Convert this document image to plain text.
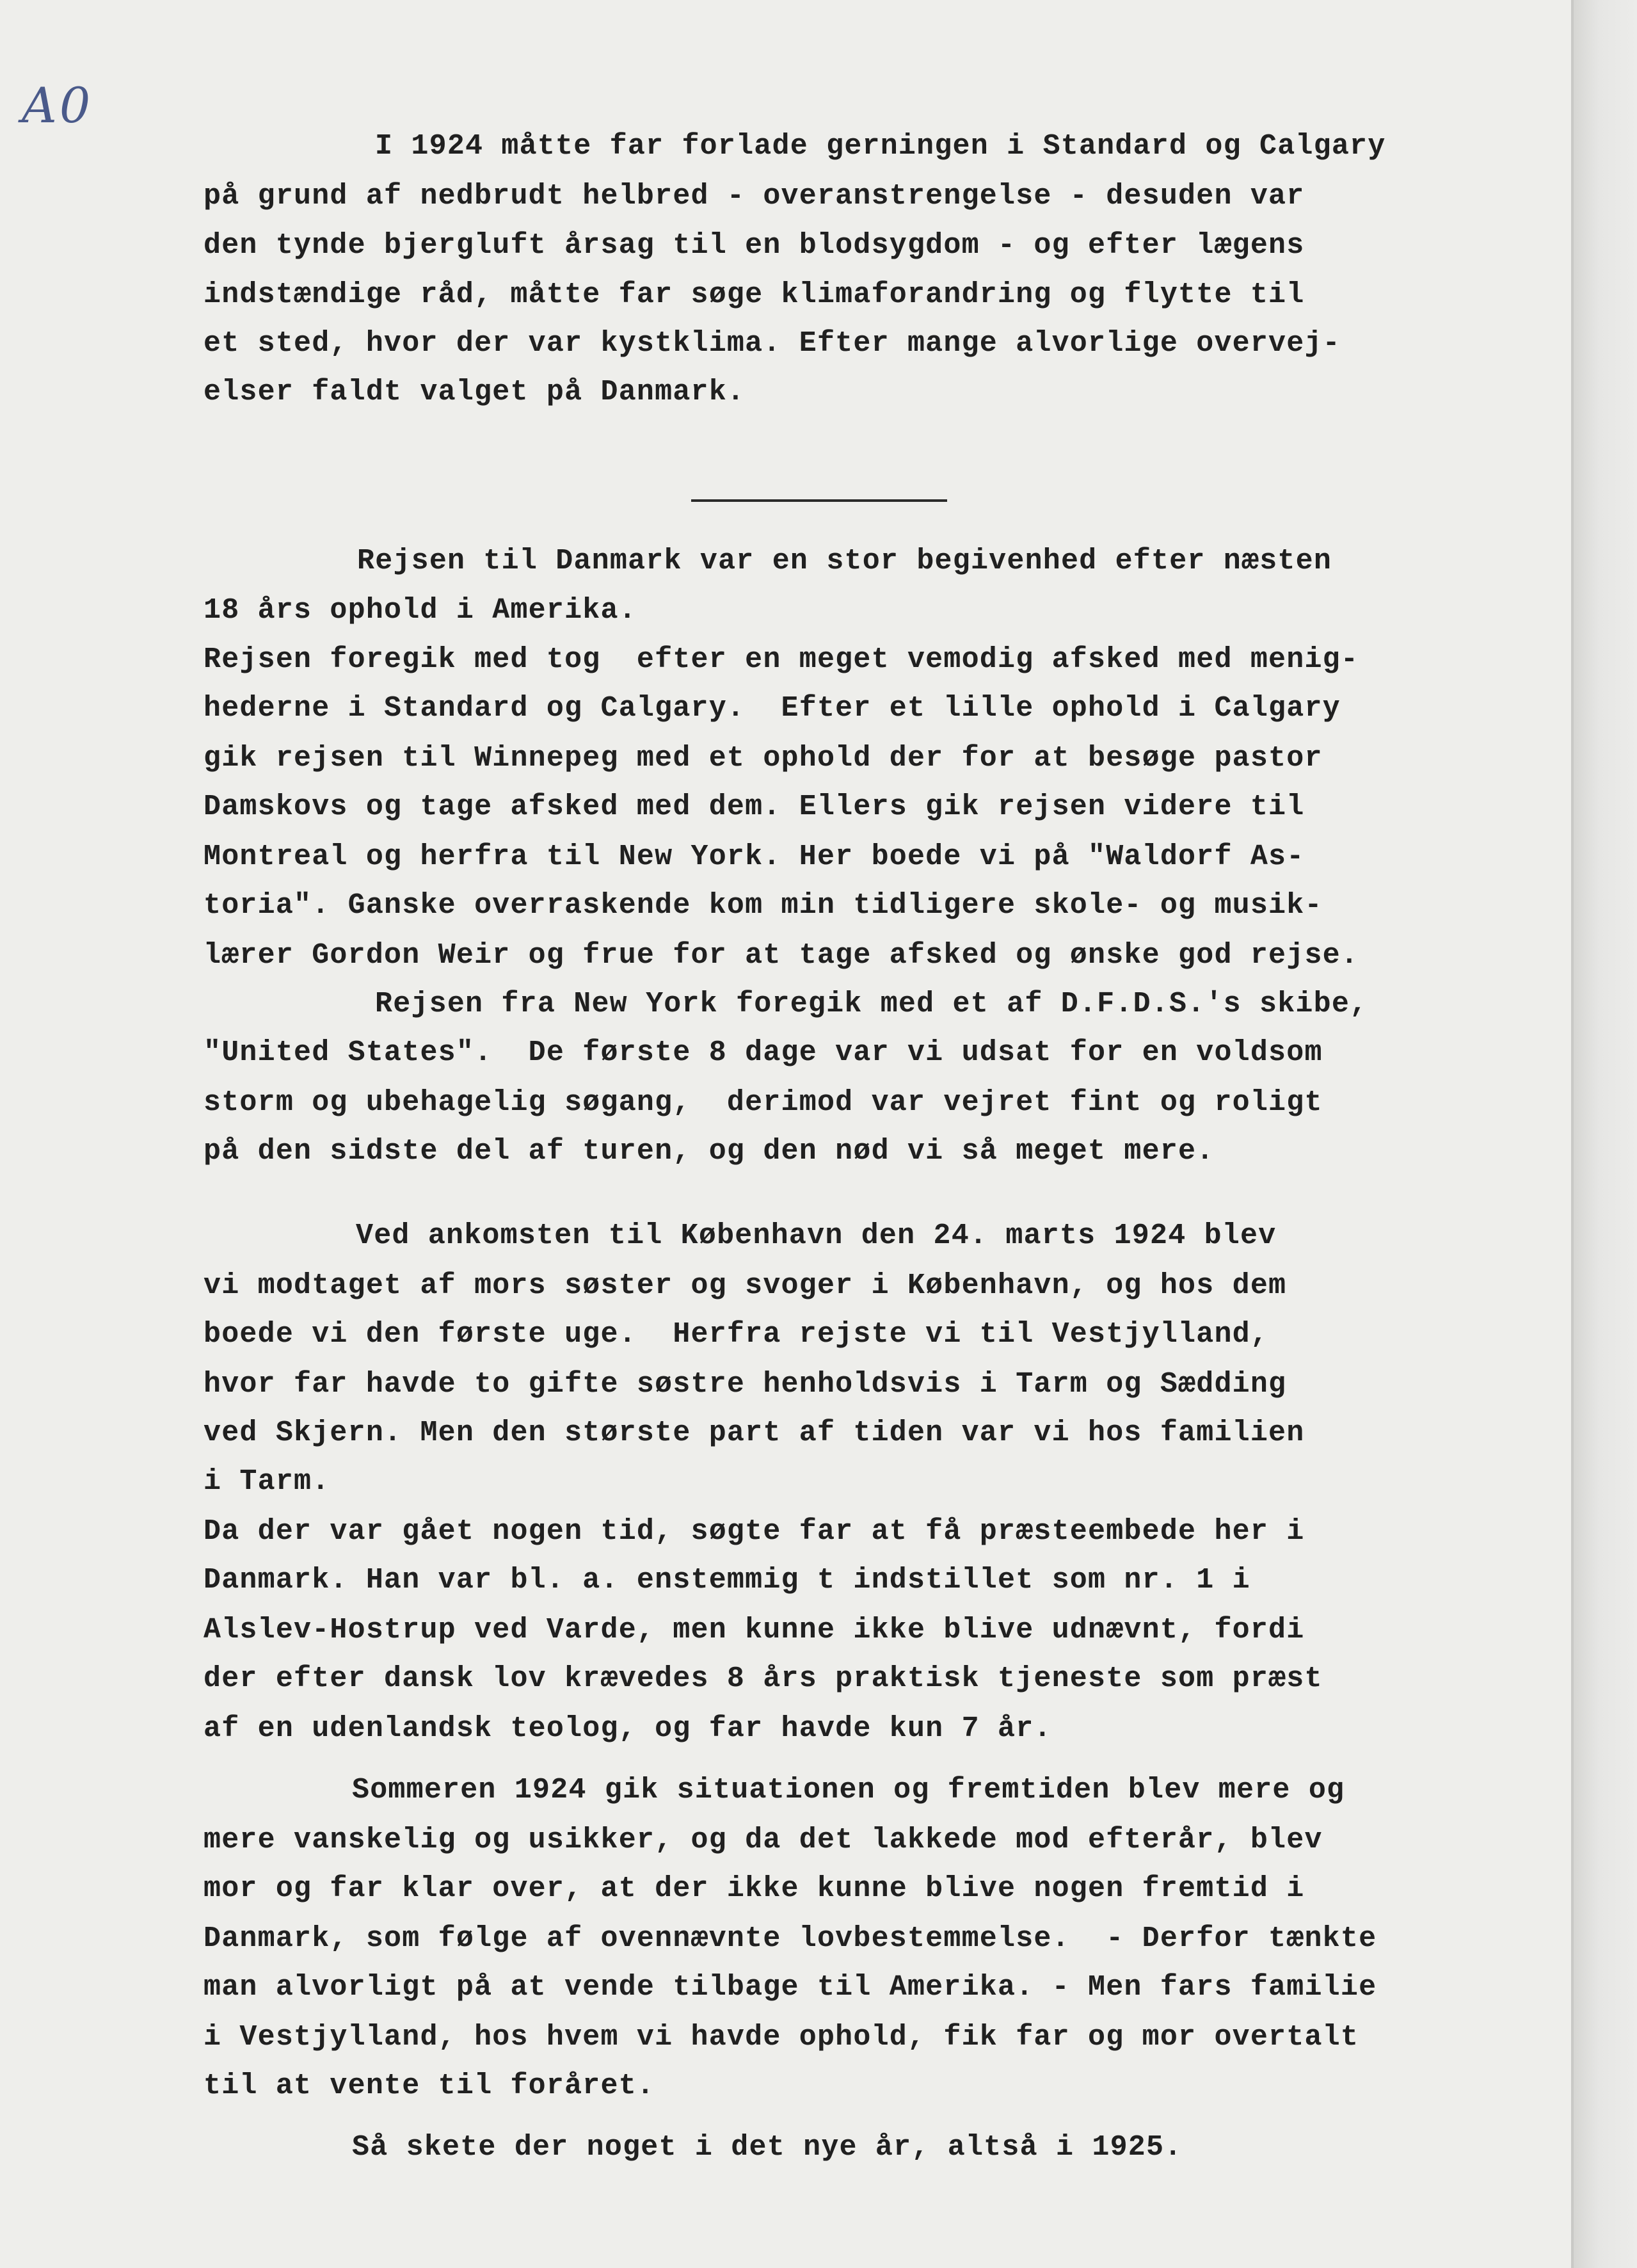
A0
I 1924 måtte far forlade gerningen i Standard og Calgary
på grund af nedbrudt helbred - overanstrengelse - desuden var
den tynde bjergluft årsag til en blodsygdom - og efter lægens
indstændige råd, måtte far søge klimaforandring og flytte til
et sted, hvor der var kystklima. Efter mange alvorlige overvej-
elser faldt valget på Danmark.
Rejsen til Danmark var en stor begivenhed efter næsten
18 års ophold i Amerika.
Rejsen foregik med tog  efter en meget vemodig afsked med menig-
hederne i Standard og Calgary.  Efter et lille ophold i Calgary
gik rejsen til Winnepeg med et ophold der for at besøge pastor
Damskovs og tage afsked med dem. Ellers gik rejsen videre til
Montreal og herfra til New York. Her boede vi på "Waldorf As-
toria". Ganske overraskende kom min tidligere skole- og musik-
lærer Gordon Weir og frue for at tage afsked og ønske god rejse.
Rejsen fra New York foregik med et af D.F.D.S.'s skibe,
"United States".  De første 8 dage var vi udsat for en voldsom
storm og ubehagelig søgang,  derimod var vejret fint og roligt
på den sidste del af turen, og den nød vi så meget mere.
Ved ankomsten til København den 24. marts 1924 blev
vi modtaget af mors søster og svoger i København, og hos dem
boede vi den første uge.  Herfra rejste vi til Vestjylland,
hvor far havde to gifte søstre henholdsvis i Tarm og Sædding
ved Skjern. Men den største part af tiden var vi hos familien
i Tarm.
Da der var gået nogen tid, søgte far at få præsteembede her i
Danmark. Han var bl. a. enstemmig t indstillet som nr. 1 i
Alslev-Hostrup ved Varde, men kunne ikke blive udnævnt, fordi
der efter dansk lov krævedes 8 års praktisk tjeneste som præst
af en udenlandsk teolog, og far havde kun 7 år.
Sommeren 1924 gik situationen og fremtiden blev mere og
mere vanskelig og usikker, og da det lakkede mod efterår, blev
mor og far klar over, at der ikke kunne blive nogen fremtid i
Danmark, som følge af ovennævnte lovbestemmelse.  - Derfor tænkte
man alvorligt på at vende tilbage til Amerika. - Men fars familie
i Vestjylland, hos hvem vi havde ophold, fik far og mor overtalt
til at vente til foråret.
Så skete der noget i det nye år, altså i 1925.
